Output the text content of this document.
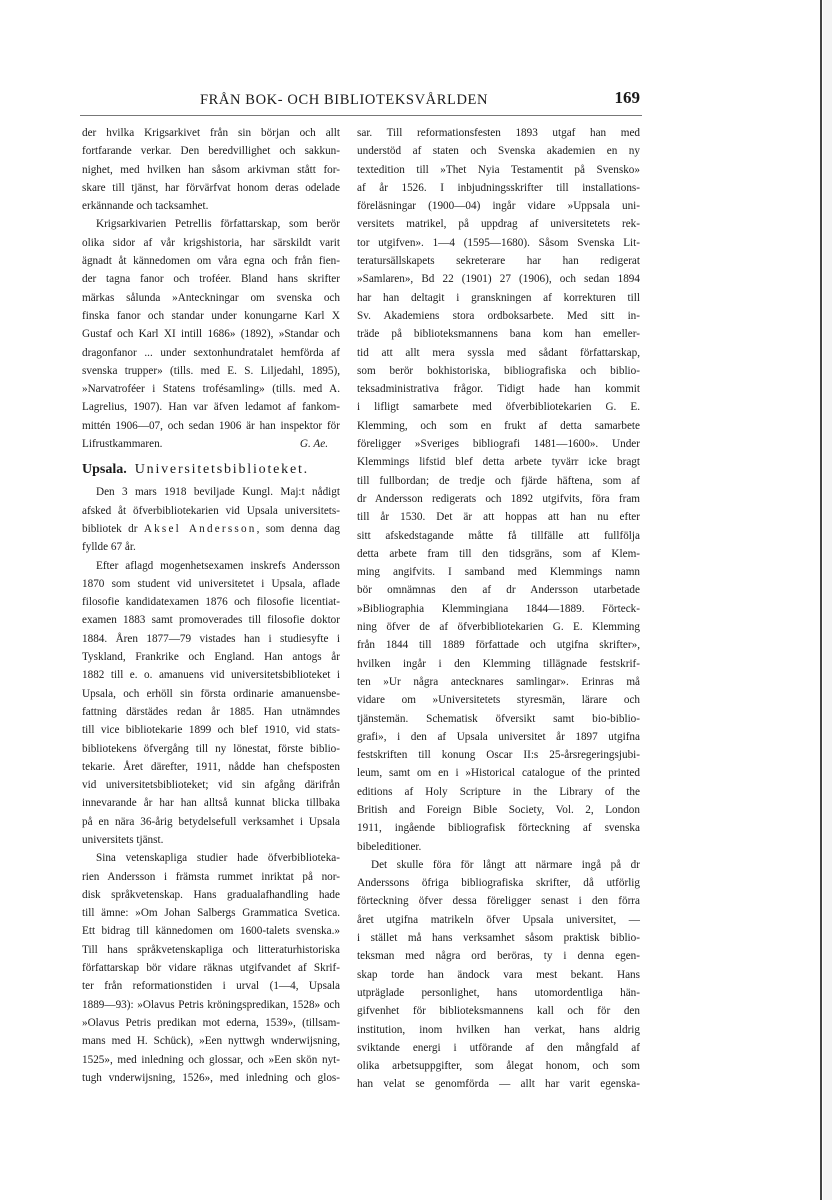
FRÅN BOK- OCH BIBLIOTEKSVÅRLDEN	169
der hvilka Krigsarkivet från sin början och allt
fortfarande verkar. Den beredvillighet och sakkun-
nighet, med hvilken han såsom arkivman stått for-
skare till tjänst, har förvärfvat honom deras odelade
erkännande och tacksamhet.
Krigsarkivarien Petrellis författarskap, som berör
olika sidor af vår krigshistoria, har särskildt varit
ägnadt åt kännedomen om våra egna och från fien-
der tagna fanor och troféer. Bland hans skrifter
märkas sålunda »Anteckningar om svenska och
finska fanor och standar under konungarne Karl X
Gustaf och Karl XI intill 1686» (1892), »Standar och
dragonfanor ... under sextonhundratalet hemförda af
svenska trupper» (tills. med E. S. Liljedahl, 1895),
»Narvatroféer i Statens trofésamling» (tills. med A.
Lagrelius, 1907). Han var äfven ledamot af fankom-
mittén 1906—07, och sedan 1906 är han inspektor för
G. Ae.
Lifrustkammaren.
Upsala. Universitetsbiblioteket.
Den 3 mars 1918 beviljade Kungl. Maj:t nådigt
afsked åt öfverbibliotekarien vid Upsala universitets-
bibliotek dr Aksel Andersson, som denna dag
fyllde 67 år.
Efter aflagd mogenhetsexamen inskrefs Andersson
1870 som student vid universitetet i Upsala, aflade
filosofie kandidatexamen 1876 och filosofie licentiat-
examen 1883 samt promoverades till filosofie doktor
1884. Åren 1877—79 vistades han i studiesyfte i
Tyskland, Frankrike och England. Han antogs år
1882 till e. o. amanuens vid universitetsbiblioteket i
Upsala, och erhöll sin första ordinarie amanuensbe-
fattning därstädes redan år 1885. Han utnämndes
till vice bibliotekarie 1899 och blef 1910, vid stats-
bibliotekens öfvergång till ny lönestat, förste biblio-
tekarie. Året därefter, 1911, nådde han chefsposten
vid universitetsbiblioteket; vid sin afgång därifrån
innevarande år har han alltså kunnat blicka tillbaka
på en nära 36-årig betydelsefull verksamhet i Upsala
universitets tjänst.
Sina vetenskapliga studier hade öfverbiblioteka-
rien Andersson i främsta rummet inriktat på nor-
disk språkvetenskap. Hans gradualafhandling hade
till ämne: »Om Johan Salbergs Grammatica Svetica.
Ett bidrag till kännedomen om 1600-talets svenska.»
Till hans språkvetenskapliga och litteraturhistoriska
författarskap bör vidare räknas utgifvandet af Skrif-
ter från reformationstiden i urval (1—4, Upsala
1889—93): »Olavus Petris kröningspredikan, 1528» och
»Olavus Petris predikan mot ederna, 1539», (tillsam-
mans med H. Schück), »Een nyttwgh wnderwijsning,
1525», med inledning och glossar, och »Een skön nyt-
tugh vnderwijsning, 1526», med inledning och glos-
sar. Till reformationsfesten 1893 utgaf han med
understöd af staten och Svenska akademien en ny
textedition till »Thet Nyia Testamentit på Svensko»
af år 1526. I inbjudningsskrifter till installations-
föreläsningar (1900—04) ingår vidare »Uppsala uni-
versitets matrikel, på uppdrag af universitetets rek-
tor utgifven». 1—4 (1595—1680). Såsom Svenska Lit-
teratursällskapets sekreterare har han redigerat
»Samlaren», Bd 22 (1901) 27 (1906), och sedan 1894
har han deltagit i granskningen af korrekturen till
Sv. Akademiens stora ordboksarbete. Med sitt in-
träde på biblioteksmannens bana kom han emeller-
tid att allt mera syssla med sådant författarskap,
som berör bokhistoriska, bibliografiska och biblio-
teksadministrativa frågor. Tidigt hade han kommit
i lifligt samarbete med öfverbibliotekarien G. E.
Klemming, och som en frukt af detta samarbete
föreligger »Sveriges bibliografi 1481—1600». Under
Klemmings lifstid blef detta arbete tyvärr icke bragt
till fullbordan; de tredje och fjärde häftena, som af
dr Andersson redigerats och 1892 utgifvits, föra fram
till år 1530. Det är att hoppas att han nu efter
sitt afskedstagande måtte få tillfälle att fullfölja
detta arbete fram till den tidsgräns, som af Klem-
ming angifvits. I samband med Klemmings namn
bör omnämnas den af dr Andersson utarbetade
»Bibliographia Klemmingiana 1844—1889. Förteck-
ning öfver de af öfverbibliotekarien G. E. Klemming
från 1844 till 1889 författade och utgifna skrifter»,
hvilken ingår i den Klemming tillägnade festskrif-
ten »Ur några antecknares samlingar». Erinras må
vidare om »Universitetets styresmän, lärare och
tjänstemän. Schematisk öfversikt samt bio-biblio-
grafi», i den af Upsala universitet år 1897 utgifna
festskriften till konung Oscar II:s 25-årsregeringsjubi-
leum, samt om en i »Historical catalogue of the printed
editions af Holy Scripture in the Library of the
British and Foreign Bible Society, Vol. 2, London
1911, ingående bibliografisk förteckning af svenska
bibeleditioner.
Det skulle föra för långt att närmare ingå på dr
Anderssons öfriga bibliografiska skrifter, då utförlig
förteckning öfver dessa föreligger senast i den förra
året utgifna matrikeln öfver Upsala universitet, —
i stället må hans verksamhet såsom praktisk biblio-
teksman med några ord beröras, ty i denna egen-
skap torde han ändock vara mest bekant. Hans
utpräglade personlighet, hans utomordentliga hän-
gifvenhet för biblioteksmannens kall och för den
institution, inom hvilken han verkat, hans aldrig
sviktande energi i utförande af den mångfald af
olika arbetsuppgifter, som ålegat honom, och som
han velat se genomförda — allt har varit egenska-
